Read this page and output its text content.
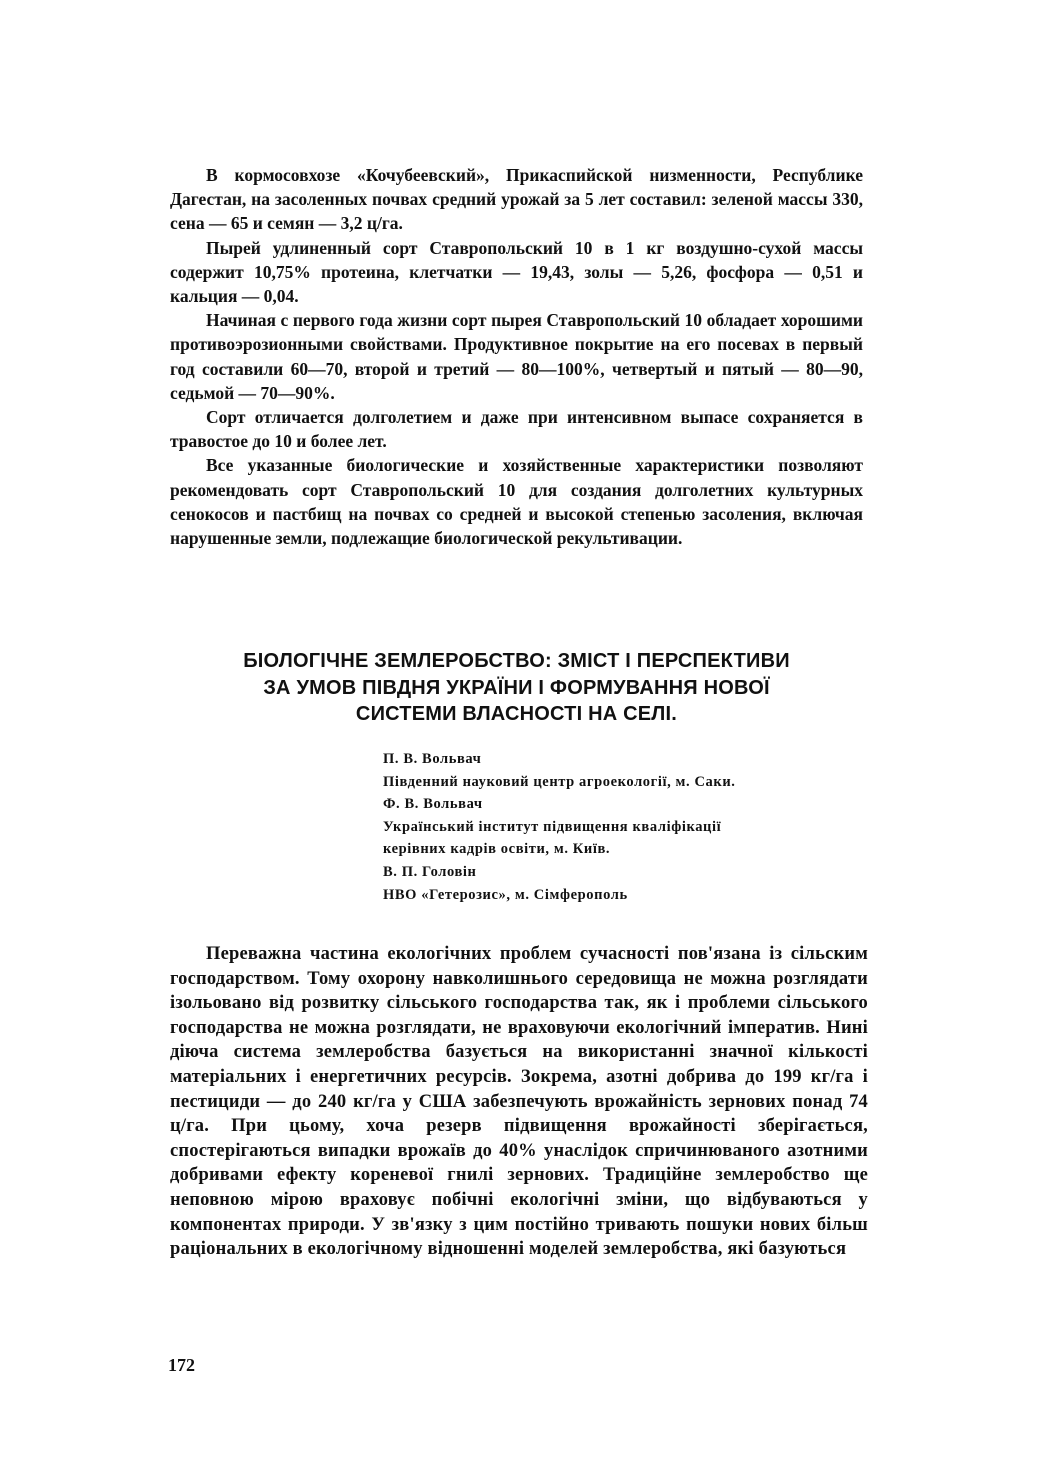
В кормосовхозе «Кочубеевский», Прикаспийской низменности, Республике Дагестан, на засоленных почвах средний урожай за 5 лет составил: зеленой массы 330, сена — 65 и семян — 3,2 ц/га.

Пырей удлиненный сорт Ставропольский 10 в 1 кг воздушно-сухой массы содержит 10,75% протеина, клетчатки — 19,43, золы — 5,26, фосфора — 0,51 и кальция — 0,04.

Начиная с первого года жизни сорт пырея Ставропольский 10 обладает хорошими противоэрозионными свойствами. Продуктивное покрытие на его посевах в первый год составили 60—70, второй и третий — 80—100%, четвертый и пятый — 80—90, седьмой — 70—90%.

Сорт отличается долголетием и даже при интенсивном выпасе сохраняется в травостое до 10 и более лет.

Все указанные биологические и хозяйственные характеристики позволяют рекомендовать сорт Ставропольский 10 для создания долголетних культурных сенокосов и пастбищ на почвах со средней и высокой степенью засоления, включая нарушенные земли, подлежащие биологической рекультивации.

БІОЛОГІЧНЕ ЗЕМЛЕРОБСТВО: ЗМІСТ І ПЕРСПЕКТИВИ
ЗА УМОВ ПІВДНЯ УКРАЇНИ І ФОРМУВАННЯ НОВОЇ
СИСТЕМИ ВЛАСНОСТІ НА СЕЛІ.
П. В. Вольвач
Південний науковий центр агроекології, м. Саки.
Ф. В. Вольвач
Український інститут підвищення кваліфікації
керівних кадрів освіти, м. Київ.
В. П. Головін
НВО «Гетерозис», м. Сімферополь

Переважна частина екологічних проблем сучасності пов'язана із сільским господарством. Тому охорону навколишнього середовища не можна розглядати ізольовано від розвитку сільського господарства так, як і проблеми сільського господарства не можна розглядати, не враховуючи екологічний імператив. Нині діюча система землеробства базується на використанні значної кількості матеріальних і енергетичних ресурсів. Зокрема, азотні добрива до 199 кг/га і пестициди — до 240 кг/га у США забезпечують врожайність зернових понад 74 ц/га. При цьому, хоча резерв підвищення врожайності зберігається, спостерігаються випадки врожаїв до 40% унаслідок спричинюваного азотними добривами ефекту кореневої гнилі зернових. Традиційне землеробство ще неповною мірою враховує побічні екологічні зміни, що відбуваються у компонентах природи. У зв'язку з цим постійно тривають пошуки нових більш раціональних в екологічному відношенні моделей землеробства, які базуються

172
